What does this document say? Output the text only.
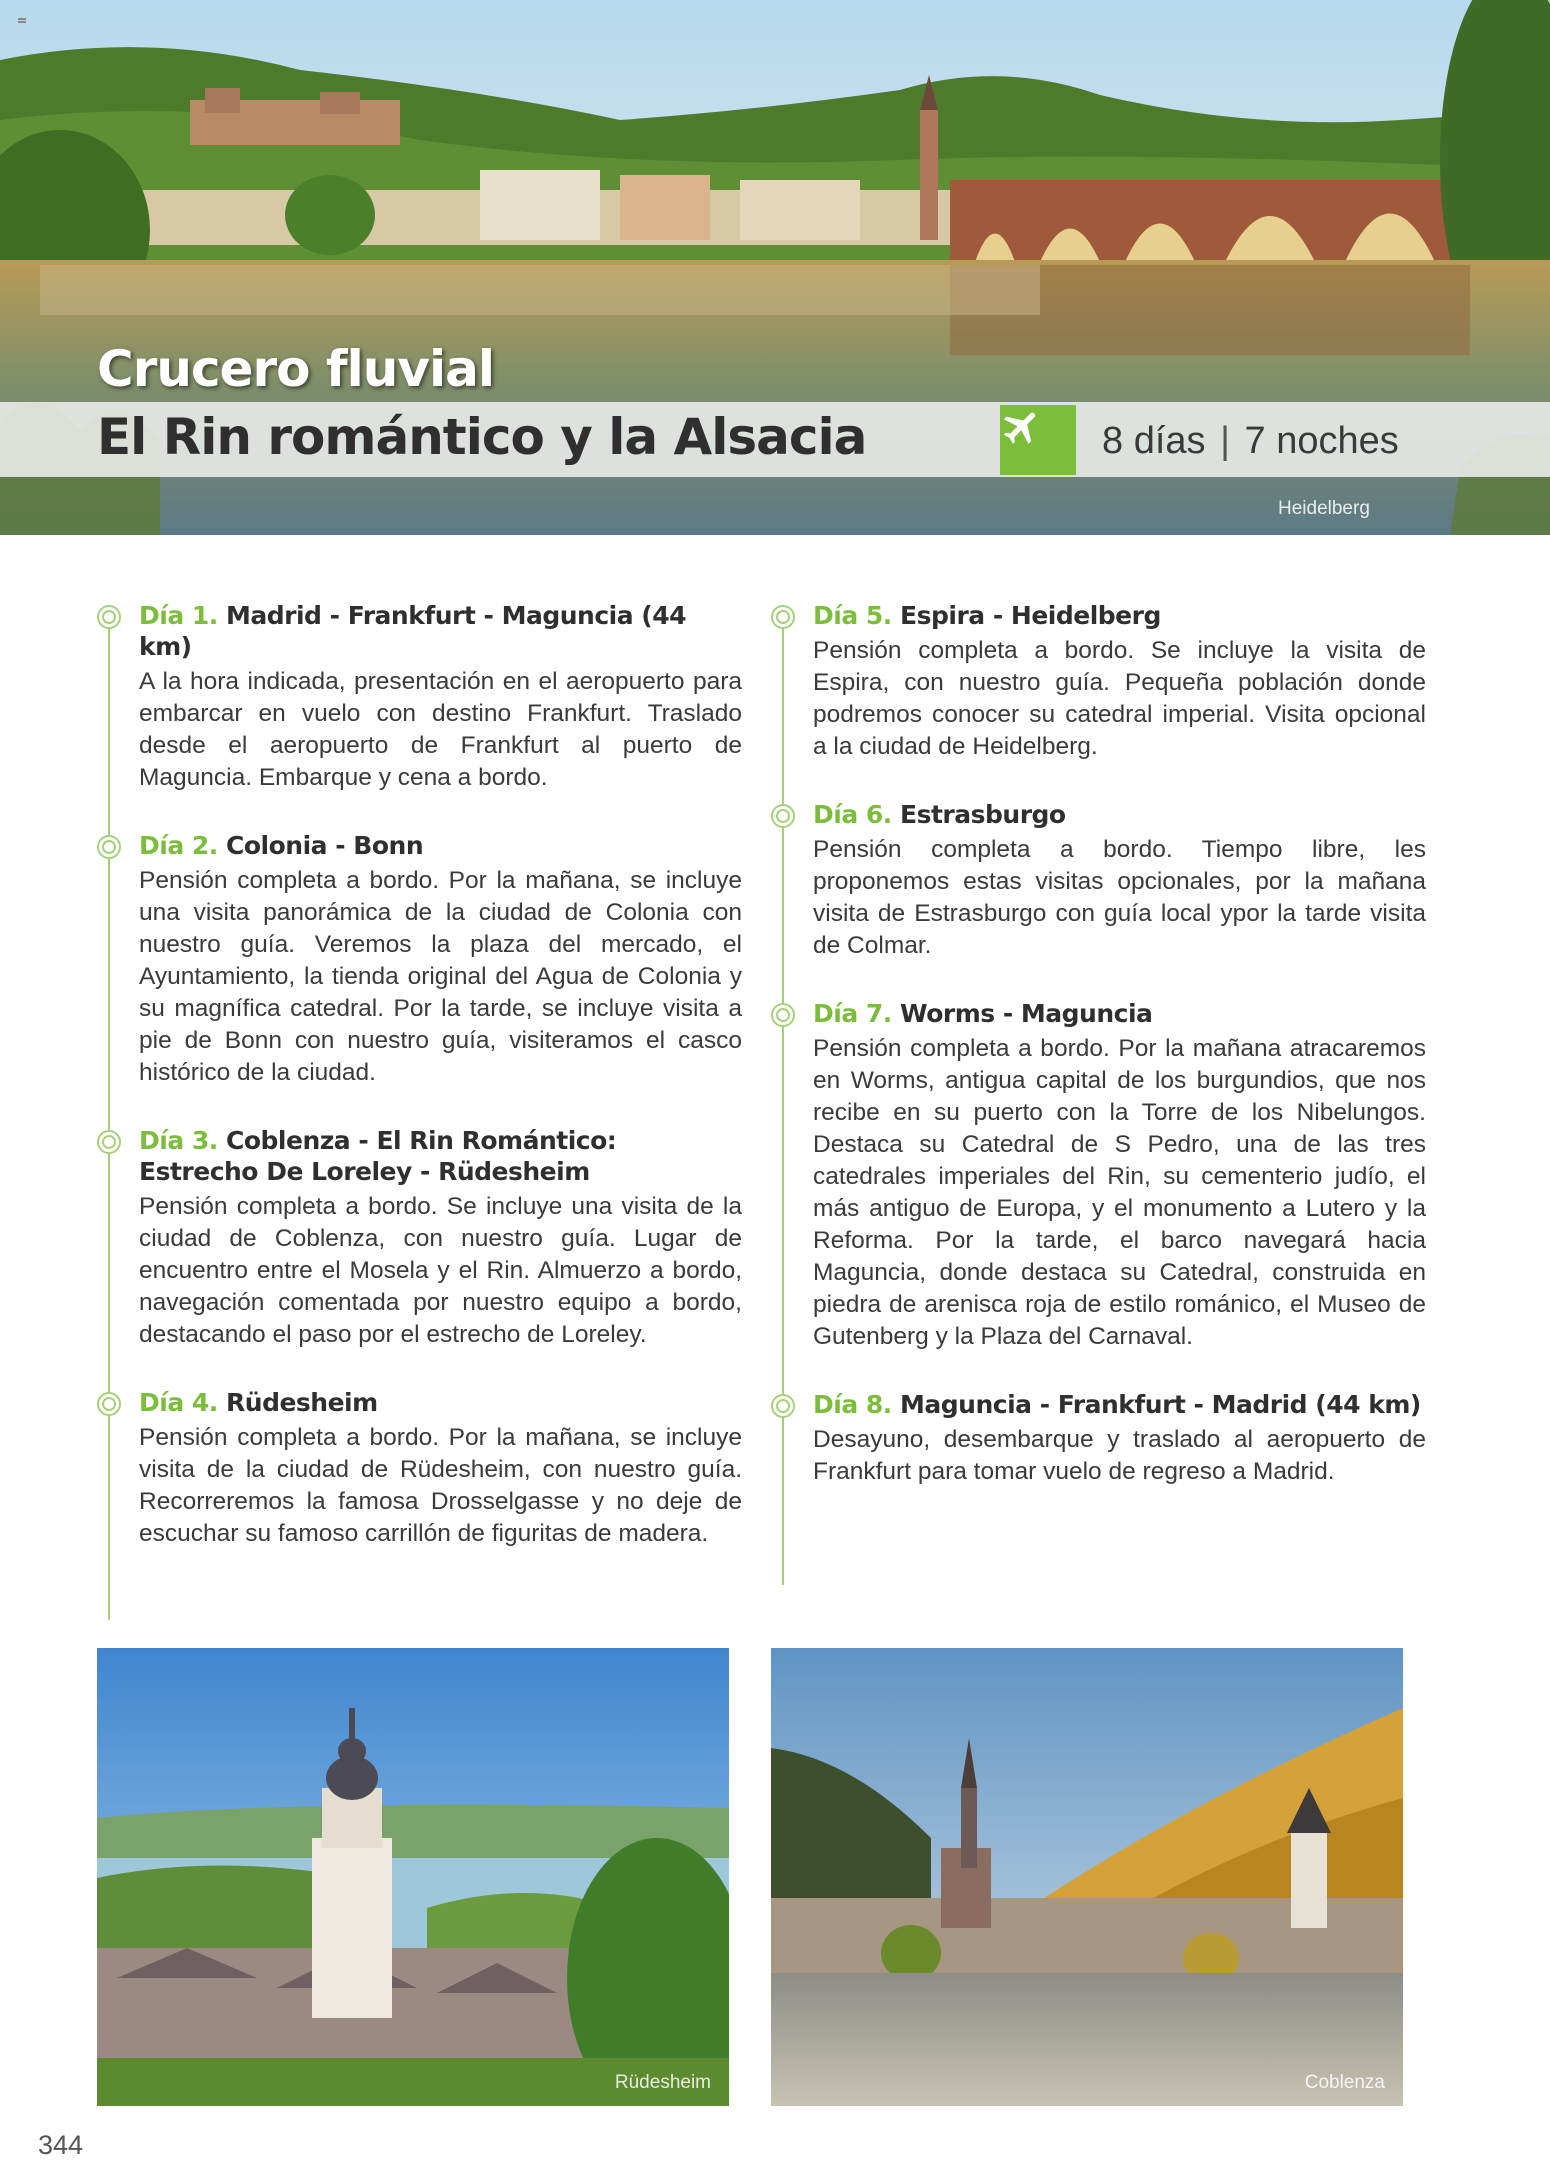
Crucero fluvial
El Rin romántico y la Alsacia	8 días | 7 noches
Heidelberg
Día 1. Madrid - Frankfurt - Maguncia (44 km)
A la hora indicada, presentación en el aeropuerto para embarcar en vuelo con destino Frankfurt. Traslado desde el aeropuerto de Frankfurt al puerto de Maguncia. Embarque y cena a bordo.
Día 2. Colonia - Bonn
Pensión completa a bordo. Por la mañana, se incluye una visita panorámica de la ciudad de Colonia con nuestro guía. Veremos la plaza del mercado, el Ayuntamiento, la tienda original del Agua de Colonia y su magnífica catedral. Por la tarde, se incluye visita a pie de Bonn con nuestro guía, visiteramos el casco histórico de la ciudad.
Día 3. Coblenza - El Rin Romántico: Estrecho De Loreley - Rüdesheim
Pensión completa a bordo. Se incluye una visita de la ciudad de Coblenza, con nuestro guía. Lugar de encuentro entre el Mosela y el Rin. Almuerzo a bordo, navegación comentada por nuestro equipo a bordo, destacando el paso por el estrecho de Loreley.
Día 4. Rüdesheim
Pensión completa a bordo. Por la mañana, se incluye visita de la ciudad de Rüdesheim, con nuestro guía. Recorreremos la famosa Drosselgasse y no deje de escuchar su famoso carrillón de figuritas de madera.
Día 5. Espira - Heidelberg
Pensión completa a bordo. Se incluye la visita de Espira, con nuestro guía. Pequeña población donde podremos conocer su catedral imperial. Visita opcional a la ciudad de Heidelberg.
Día 6. Estrasburgo
Pensión completa a bordo. Tiempo libre, les proponemos estas visitas opcionales, por la mañana visita de Estrasburgo con guía local ypor la tarde visita de Colmar.
Día 7. Worms - Maguncia
Pensión completa a bordo. Por la mañana atracaremos en Worms, antigua capital de los burgundios, que nos recibe en su puerto con la Torre de los Nibelungos. Destaca su Catedral de S Pedro, una de las tres catedrales imperiales del Rin, su cementerio judío, el más antiguo de Europa, y el monumento a Lutero y la Reforma. Por la tarde, el barco navegará hacia Maguncia, donde destaca su Catedral, construida en piedra de arenisca roja de estilo románico, el Museo de Gutenberg y la Plaza del Carnaval.
Día 8. Maguncia - Frankfurt - Madrid (44 km)
Desayuno, desembarque y traslado al aeropuerto de Frankfurt para tomar vuelo de regreso a Madrid.
Rüdesheim	Coblenza
344
